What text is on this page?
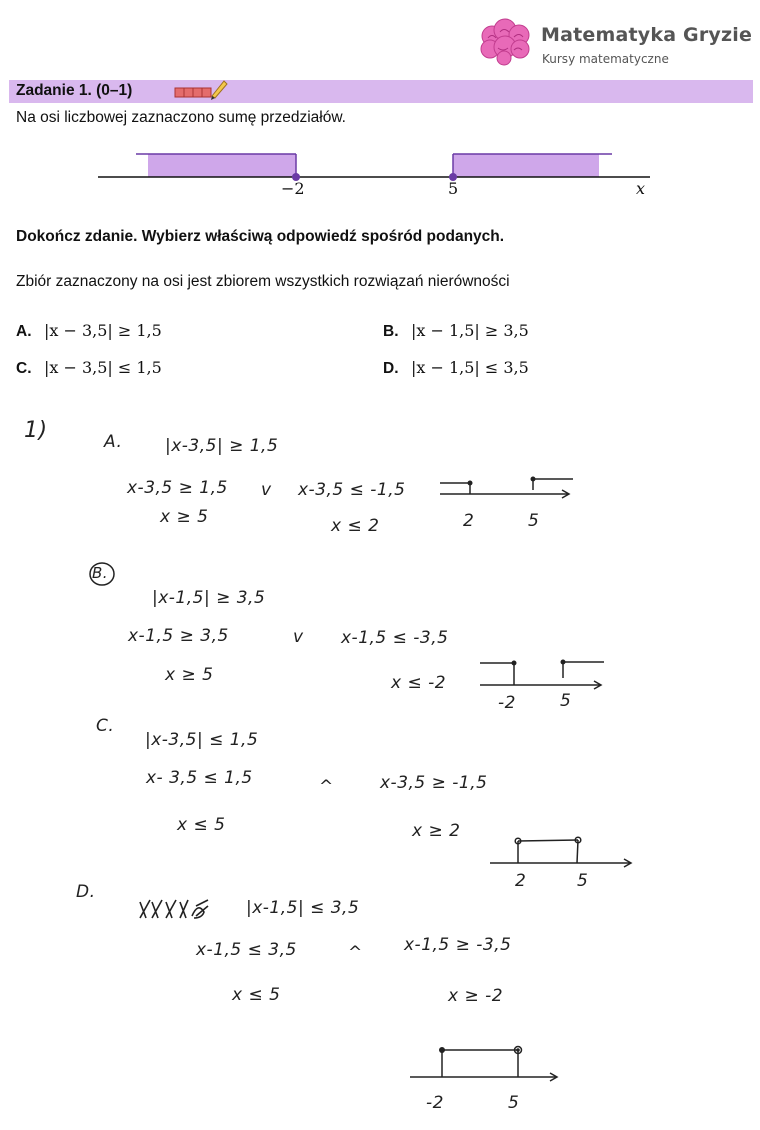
Matematyka Gryzie
Kursy matematyczne
Zadanie 1. (0–1)
Na osi liczbowej zaznaczono sumę przedziałów.
−2	5	x
Dokończ zdanie. Wybierz właściwą odpowiedź spośród podanych.
Zbiór zaznaczony na osi jest zbiorem wszystkich rozwiązań nierówności
A. |x − 3,5| ≥ 1,5	B. |x − 1,5| ≥ 3,5
C. |x − 3,5| ≤ 1,5	D. |x − 1,5| ≤ 3,5
1)	A.	|x-3,5| ≥ 1,5
x-3,5 ≥ 1,5 v x-3,5 ≤ -1,5
x ≥ 5	x ≤ 2	2	5
B.
|x-1,5| ≥ 3,5
x-1,5 ≥ 3,5	v x-1,5 ≤ -3,5
x ≥ 5	x ≤ -2
-2	5
C.
|x-3,5| ≤ 1,5
x- 3,5 ≤ 1,5	^	x-3,5 ≥ -1,5
x ≤ 5	x ≥ 2
2	5
D.
|x-1,5| ≤ 3,5
x-1,5 ≤ 3,5	^ x-1,5 ≥ -3,5
x ≤ 5	x ≥ -2
-2	5
